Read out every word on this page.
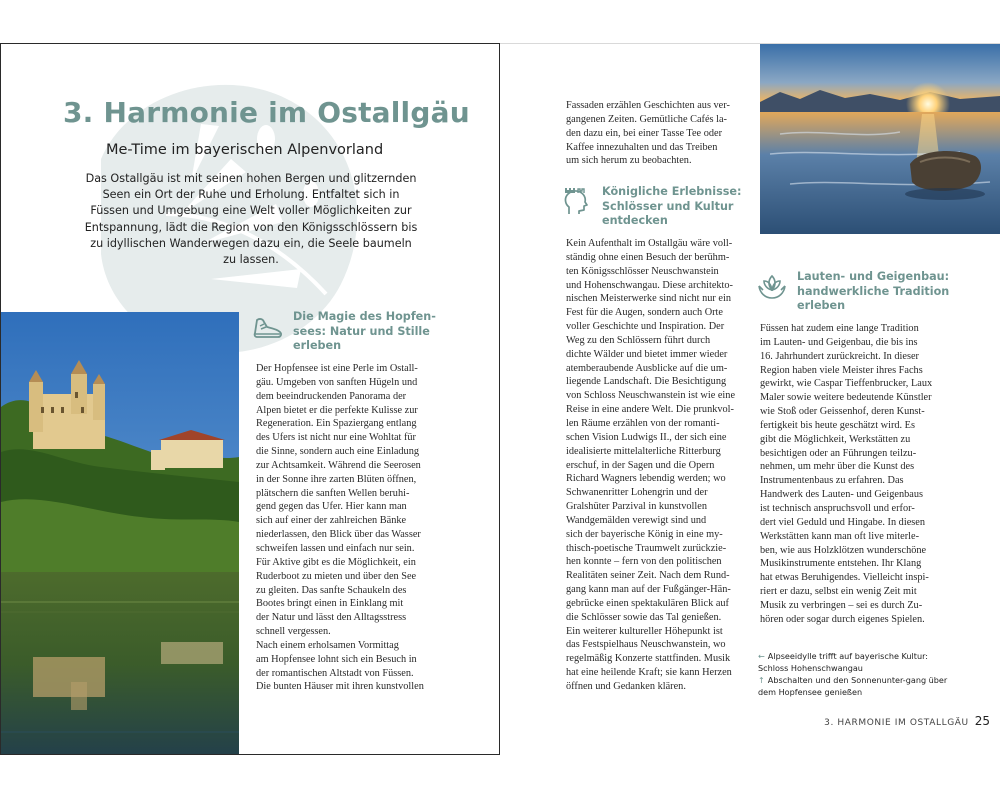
3. Harmonie im Ostallgäu
Me-Time im bayerischen Alpenvorland
Das Ostallgäu ist mit seinen hohen Bergen und glitzernden Seen ein Ort der Ruhe und Erholung. Entfaltet sich in Füssen und Umgebung eine Welt voller Möglichkeiten zur Entspannung, lädt die Region von den Königsschlössern bis zu idyllischen Wanderwegen dazu ein, die Seele baumeln zu lassen.
Die Magie des Hopfen-
sees: Natur und Stille
erleben
Der Hopfensee ist eine Perle im Ostall-
gäu. Umgeben von sanften Hügeln und
dem beeindruckenden Panorama der
Alpen bietet er die perfekte Kulisse zur
Regeneration. Ein Spaziergang entlang
des Ufers ist nicht nur eine Wohltat für
die Sinne, sondern auch eine Einladung
zur Achtsamkeit. Während die Seerosen
in der Sonne ihre zarten Blüten öffnen,
plätschern die sanften Wellen beruhi-
gend gegen das Ufer. Hier kann man
sich auf einer der zahlreichen Bänke
niederlassen, den Blick über das Wasser
schweifen lassen und einfach nur sein.
Für Aktive gibt es die Möglichkeit, ein
Ruderboot zu mieten und über den See
zu gleiten. Das sanfte Schaukeln des
Bootes bringt einen in Einklang mit
der Natur und lässt den Alltagsstress
schnell vergessen.
Nach einem erholsamen Vormittag
am Hopfensee lohnt sich ein Besuch in
der romantischen Altstadt von Füssen.
Die bunten Häuser mit ihren kunstvollen
Fassaden erzählen Geschichten aus ver-
gangenen Zeiten. Gemütliche Cafés la-
den dazu ein, bei einer Tasse Tee oder
Kaffee innezuhalten und das Treiben
um sich herum zu beobachten.
Königliche Erlebnisse:
Schlösser und Kultur
entdecken
Kein Aufenthalt im Ostallgäu wäre voll-
ständig ohne einen Besuch der berühm-
ten Königsschlösser Neuschwanstein
und Hohenschwangau. Diese architekto-
nischen Meisterwerke sind nicht nur ein
Fest für die Augen, sondern auch Orte
voller Geschichte und Inspiration. Der
Weg zu den Schlössern führt durch
dichte Wälder und bietet immer wieder
atemberaubende Ausblicke auf die um-
liegende Landschaft. Die Besichtigung
von Schloss Neuschwanstein ist wie eine
Reise in eine andere Welt. Die prunkvol-
len Räume erzählen von der romanti-
schen Vision Ludwigs II., der sich eine
idealisierte mittelalterliche Ritterburg
erschuf, in der Sagen und die Opern
Richard Wagners lebendig werden; wo
Schwanenritter Lohengrin und der
Gralshüter Parzival in kunstvollen
Wandgemälden verewigt sind und
sich der bayerische König in eine my-
thisch-poetische Traumwelt zurückzie-
hen konnte – fern von den politischen
Realitäten seiner Zeit. Nach dem Rund-
gang kann man auf der Fußgänger-Hän-
gebrücke einen spektakulären Blick auf
die Schlösser sowie das Tal genießen.
Ein weiterer kultureller Höhepunkt ist
das Festspielhaus Neuschwanstein, wo
regelmäßig Konzerte stattfinden. Musik
hat eine heilende Kraft; sie kann Herzen
öffnen und Gedanken klären.
Lauten- und Geigenbau:
handwerkliche Tradition
erleben
Füssen hat zudem eine lange Tradition
im Lauten- und Geigenbau, die bis ins
16. Jahrhundert zurückreicht. In dieser
Region haben viele Meister ihres Fachs
gewirkt, wie Caspar Tieffenbrucker, Laux
Maler sowie weitere bedeutende Künstler
wie Stoß oder Geissenhof, deren Kunst-
fertigkeit bis heute geschätzt wird. Es
gibt die Möglichkeit, Werkstätten zu
besichtigen oder an Führungen teilzu-
nehmen, um mehr über die Kunst des
Instrumentenbaus zu erfahren. Das
Handwerk des Lauten- und Geigenbaus
ist technisch anspruchsvoll und erfor-
dert viel Geduld und Hingabe. In diesen
Werkstätten kann man oft live miterle-
ben, wie aus Holzklötzen wunderschöne
Musikinstrumente entstehen. Ihr Klang
hat etwas Beruhigendes. Vielleicht inspi-
riert er dazu, selbst ein wenig Zeit mit
Musik zu verbringen – sei es durch Zu-
hören oder sogar durch eigenes Spielen.
← Alpseeidylle trifft auf bayerische Kultur: Schloss Hohenschwangau
↑ Abschalten und den Sonnenunter-gang über dem Hopfensee genießen
3. HARMONIE IM OSTALLGÄU 25
